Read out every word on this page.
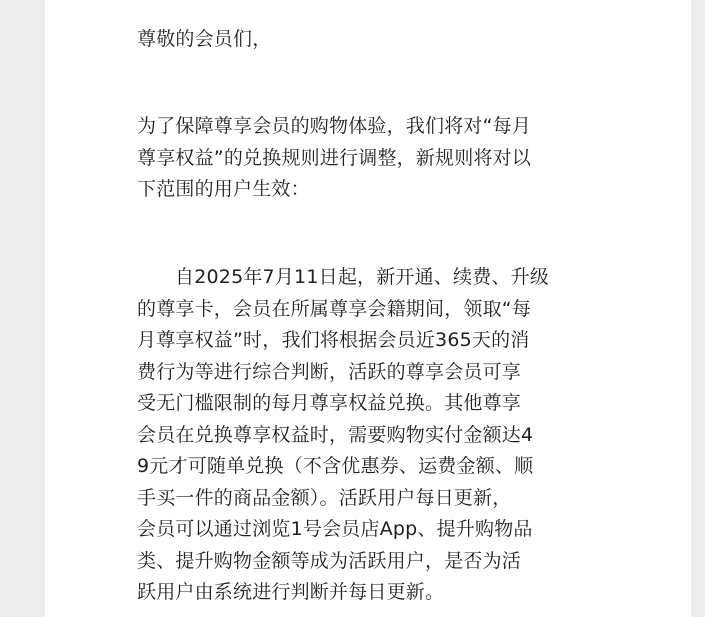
尊敬的会员们，

为了保障尊享会员的购物体验，我们将对“每月
尊享权益”的兑换规则进行调整，新规则将对以
下范围的用户生效：

自2025年7月11日起，新开通、续费、升级
的尊享卡，会员在所属尊享会籍期间，领取“每
月尊享权益”时，我们将根据会员近365天的消
费行为等进行综合判断，活跃的尊享会员可享
受无门槛限制的每月尊享权益兑换。其他尊享
会员在兑换尊享权益时，需要购物实付金额达4
9元才可随单兑换（不含优惠券、运费金额、顺
手买一件的商品金额）。活跃用户每日更新，
会员可以通过浏览1号会员店App、提升购物品
类、提升购物金额等成为活跃用户，是否为活
跃用户由系统进行判断并每日更新。
